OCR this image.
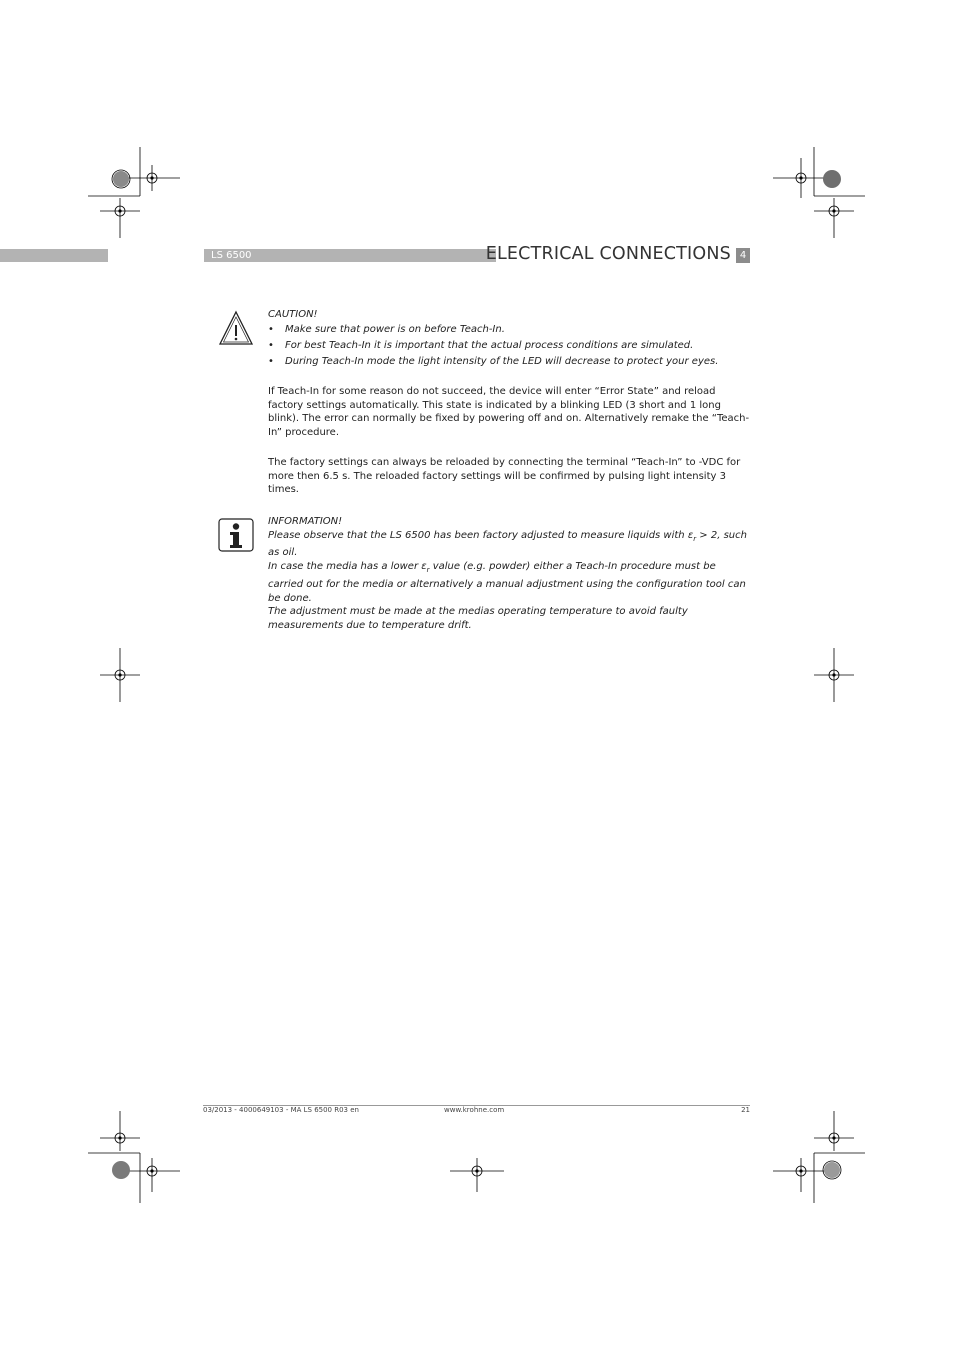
LS 6500	ELECTRICAL CONNECTIONS 4

CAUTION!

• Make sure that power is on before Teach-In.
• For best Teach-In it is important that the actual process conditions are simulated.
• During Teach-In mode the light intensity of the LED will decrease to protect your eyes.

If Teach-In for some reason do not succeed, the device will enter “Error State” and reload factory settings automatically. This state is indicated by a blinking LED (3 short and 1 long blink). The error can normally be fixed by powering off and on. Alternatively remake the “Teach-In” procedure.

The factory settings can always be reloaded by connecting the terminal “Teach-In” to -VDC for more then 6.5 s. The reloaded factory settings will be confirmed by pulsing light intensity 3 times.

INFORMATION!

Please observe that the LS 6500 has been factory adjusted to measure liquids with $\varepsilon_r > 2$, such as oil.

In case the media has a lower $\varepsilon_r$ value (e.g. powder) either a Teach-In procedure must be carried out for the media or alternatively a manual adjustment using the configuration tool can be done.

The adjustment must be made at the medias operating temperature to avoid faulty measurements due to temperature drift.

03/2013 - 4000649103 - MA LS 6500 R03 en	www.krohne.com	21
